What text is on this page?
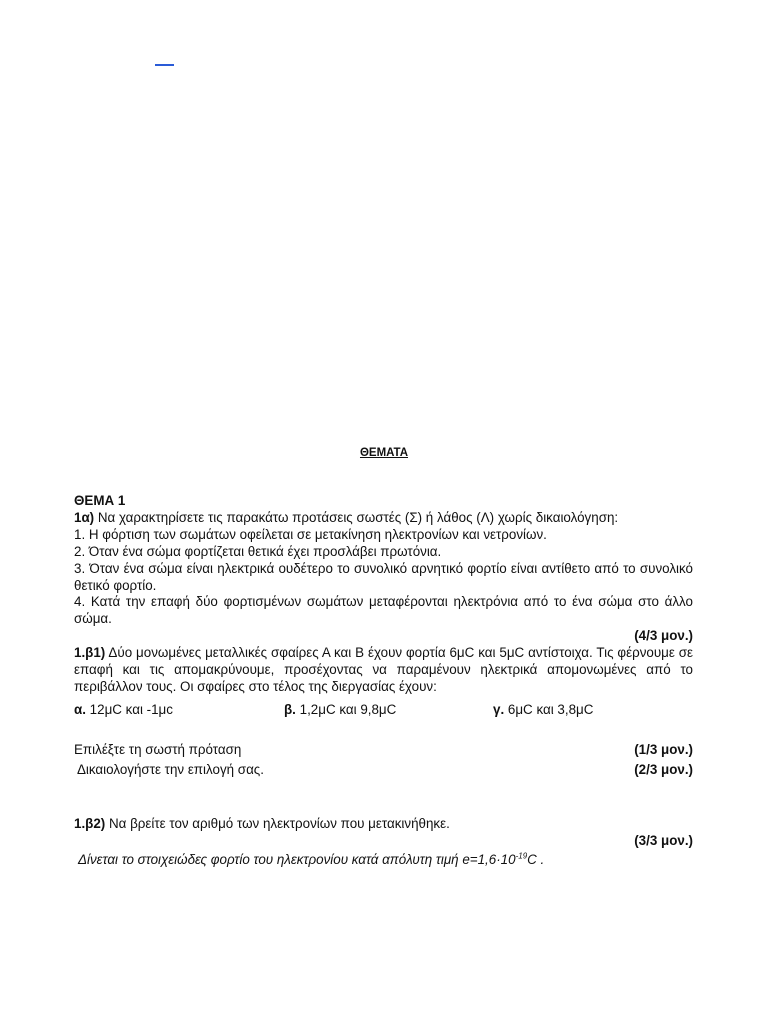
ΘΕΜΑΤΑ
ΘΕΜΑ 1
1α) Να χαρακτηρίσετε τις παρακάτω προτάσεις σωστές (Σ) ή λάθος (Λ) χωρίς δικαιολόγηση:
1. Η φόρτιση των σωμάτων οφείλεται σε μετακίνηση ηλεκτρονίων και νετρονίων.
2. Όταν ένα σώμα φορτίζεται θετικά έχει προσλάβει πρωτόνια.
3. Όταν ένα σώμα είναι ηλεκτρικά ουδέτερο το συνολικό αρνητικό φορτίο είναι αντίθετο από το συνολικό θετικό φορτίο.
4. Κατά την επαφή δύο φορτισμένων σωμάτων μεταφέρονται ηλεκτρόνια από το ένα σώμα στο άλλο σώμα.
(4/3 μον.)
1.β1) Δύο μονωμένες μεταλλικές σφαίρες Α και Β έχουν φορτία 6μC και 5μC αντίστοιχα. Τις φέρνουμε σε επαφή και τις απομακρύνουμε, προσέχοντας να παραμένουν ηλεκτρικά απομονωμένες από το περιβάλλον τους. Οι σφαίρες στο τέλος της διεργασίας έχουν:
α. 12μC και -1μc	β. 1,2μC και 9,8μC	γ. 6μC και 3,8μC
Επιλέξτε τη σωστή πρόταση	(1/3 μον.)
Δικαιολογήστε την επιλογή σας.	(2/3 μον.)
1.β2) Να βρείτε τον αριθμό των ηλεκτρονίων που μετακινήθηκε.
(3/3 μον.)
Δίνεται το στοιχειώδες φορτίο του ηλεκτρονίου κατά απόλυτη τιμή $e=1,6\cdot 10^{-19}C$ .
